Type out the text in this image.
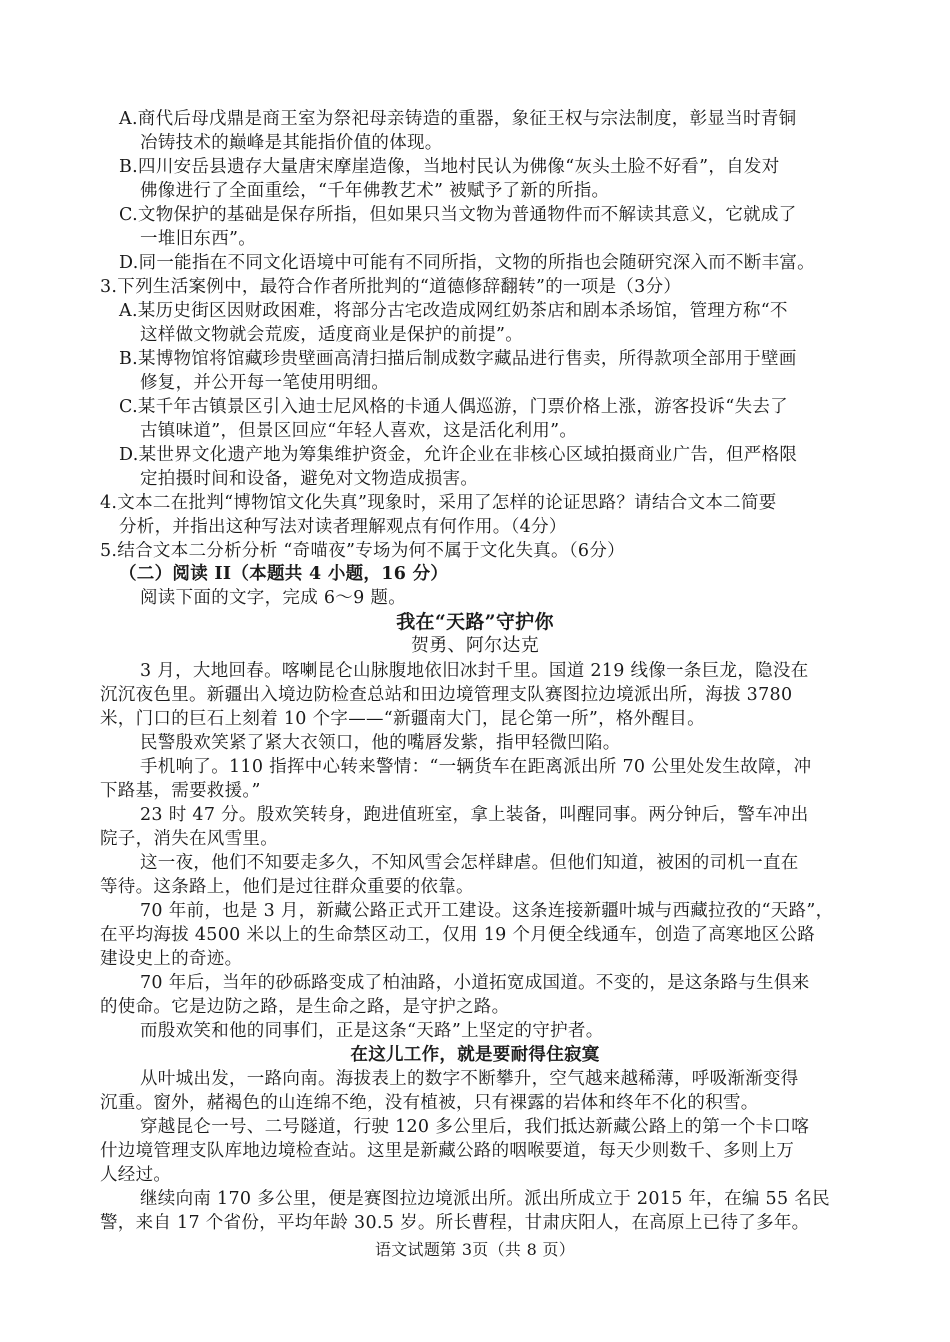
A.商代后母戊鼎是商王室为祭祀母亲铸造的重器，象征王权与宗法制度，彰显当时青铜
冶铸技术的巅峰是其能指价值的体现。
B.四川安岳县遗存大量唐宋摩崖造像，当地村民认为佛像“灰头土脸不好看”，自发对
佛像进行了全面重绘，“千年佛教艺术” 被赋予了新的所指。
C.文物保护的基础是保存所指，但如果只当文物为普通物件而不解读其意义，它就成了
一堆旧东西”。
D.同一能指在不同文化语境中可能有不同所指，文物的所指也会随研究深入而不断丰富。
3.下列生活案例中，最符合作者所批判的“道德修辞翻转”的一项是（3分）
A.某历史街区因财政困难，将部分古宅改造成网红奶茶店和剧本杀场馆，管理方称“不
这样做文物就会荒废，适度商业是保护的前提”。
B.某博物馆将馆藏珍贵壁画高清扫描后制成数字藏品进行售卖，所得款项全部用于壁画
修复，并公开每一笔使用明细。
C.某千年古镇景区引入迪士尼风格的卡通人偶巡游，门票价格上涨，游客投诉“失去了
古镇味道”，但景区回应“年轻人喜欢，这是活化利用”。
D.某世界文化遗产地为筹集维护资金，允许企业在非核心区域拍摄商业广告，但严格限
定拍摄时间和设备，避免对文物造成损害。
4.文本二在批判“博物馆文化失真”现象时，采用了怎样的论证思路？请结合文本二简要
分析，并指出这种写法对读者理解观点有何作用。（4分）
5.结合文本二分析分析 “奇喵夜”专场为何不属于文化失真。（6分）
（二）阅读 II（本题共 4 小题，16 分）
阅读下面的文字，完成 6～9 题。
我在“天路”守护你
贺勇、阿尔达克
3 月，大地回春。喀喇昆仑山脉腹地依旧冰封千里。国道 219 线像一条巨龙，隐没在
沉沉夜色里。新疆出入境边防检查总站和田边境管理支队赛图拉边境派出所，海拔 3780
米，门口的巨石上刻着 10 个字——“新疆南大门，昆仑第一所”，格外醒目。
民警殷欢笑紧了紧大衣领口，他的嘴唇发紫，指甲轻微凹陷。
手机响了。110 指挥中心转来警情：“一辆货车在距离派出所 70 公里处发生故障，冲
下路基，需要救援。”
23 时 47 分。殷欢笑转身，跑进值班室，拿上装备，叫醒同事。两分钟后，警车冲出
院子，消失在风雪里。
这一夜，他们不知要走多久，不知风雪会怎样肆虐。但他们知道，被困的司机一直在
等待。这条路上，他们是过往群众重要的依靠。
70 年前，也是 3 月，新藏公路正式开工建设。这条连接新疆叶城与西藏拉孜的“天路”，
在平均海拔 4500 米以上的生命禁区动工，仅用 19 个月便全线通车，创造了高寒地区公路
建设史上的奇迹。
70 年后，当年的砂砾路变成了柏油路，小道拓宽成国道。不变的，是这条路与生俱来
的使命。它是边防之路，是生命之路，是守护之路。
而殷欢笑和他的同事们，正是这条“天路”上坚定的守护者。
在这儿工作，就是要耐得住寂寞
从叶城出发，一路向南。海拔表上的数字不断攀升，空气越来越稀薄，呼吸渐渐变得
沉重。窗外，赭褐色的山连绵不绝，没有植被，只有裸露的岩体和终年不化的积雪。
穿越昆仑一号、二号隧道，行驶 120 多公里后，我们抵达新藏公路上的第一个卡口喀
什边境管理支队库地边境检查站。这里是新藏公路的咽喉要道，每天少则数千、多则上万
人经过。
继续向南 170 多公里，便是赛图拉边境派出所。派出所成立于 2015 年，在编 55 名民
警，来自 17 个省份，平均年龄 30.5 岁。所长曹程，甘肃庆阳人，在高原上已待了多年。
语文试题第 3页（共 8 页）
